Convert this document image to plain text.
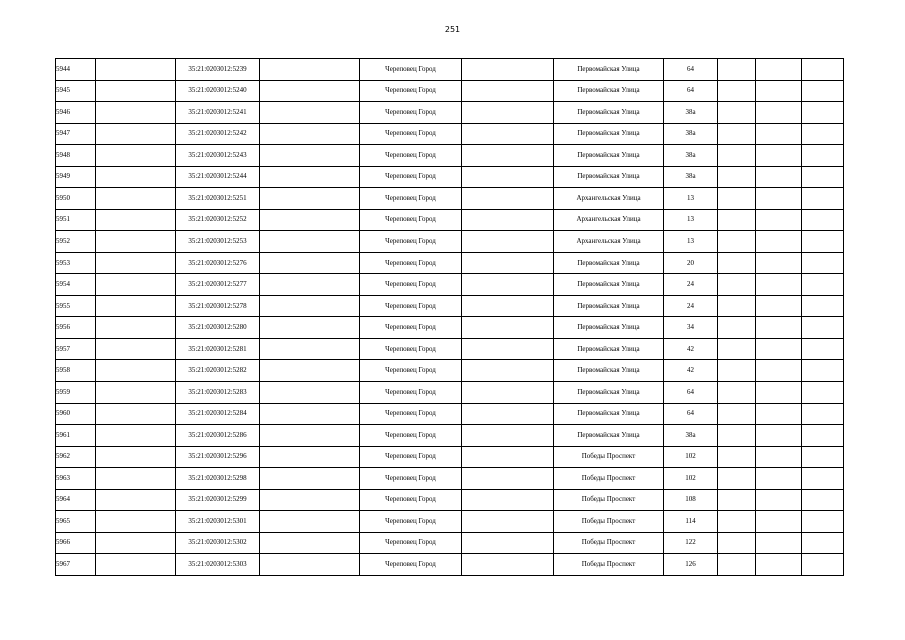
251
5944		35:21:0203012:5239		Череповец Город		Первомайская Улица	64			
5945		35:21:0203012:5240		Череповец Город		Первомайская Улица	64			
5946		35:21:0203012:5241		Череповец Город		Первомайская Улица	38а			
5947		35:21:0203012:5242		Череповец Город		Первомайская Улица	38а			
5948		35:21:0203012:5243		Череповец Город		Первомайская Улица	38а			
5949		35:21:0203012:5244		Череповец Город		Первомайская Улица	38а			
5950		35:21:0203012:5251		Череповец Город		Архангельская Улица	13			
5951		35:21:0203012:5252		Череповец Город		Архангельская Улица	13			
5952		35:21:0203012:5253		Череповец Город		Архангельская Улица	13			
5953		35:21:0203012:5276		Череповец Город		Первомайская Улица	20			
5954		35:21:0203012:5277		Череповец Город		Первомайская Улица	24			
5955		35:21:0203012:5278		Череповец Город		Первомайская Улица	24			
5956		35:21:0203012:5280		Череповец Город		Первомайская Улица	34			
5957		35:21:0203012:5281		Череповец Город		Первомайская Улица	42			
5958		35:21:0203012:5282		Череповец Город		Первомайская Улица	42			
5959		35:21:0203012:5283		Череповец Город		Первомайская Улица	64			
5960		35:21:0203012:5284		Череповец Город		Первомайская Улица	64			
5961		35:21:0203012:5286		Череповец Город		Первомайская Улица	38а			
5962		35:21:0203012:5296		Череповец Город		Победы Проспект	102			
5963		35:21:0203012:5298		Череповец Город		Победы Проспект	102			
5964		35:21:0203012:5299		Череповец Город		Победы Проспект	108			
5965		35:21:0203012:5301		Череповец Город		Победы Проспект	114			
5966		35:21:0203012:5302		Череповец Город		Победы Проспект	122			
5967		35:21:0203012:5303		Череповец Город		Победы Проспект	126			
